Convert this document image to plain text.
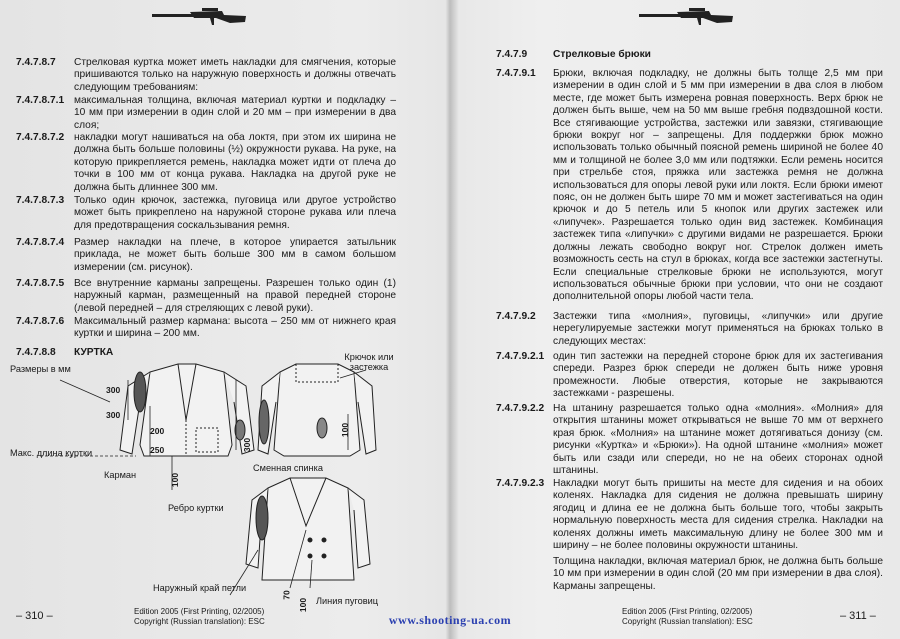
7.4.7.8.7 Стрелковая куртка может иметь накладки для смягчения, которые пришиваются только на наружную поверхность и должны отвечать следующим требованиям:
7.4.7.8.7.1 максимальная толщина, включая материал куртки и подкладку – 10 мм при измерении в один слой и 20 мм – при измерении в два слоя;
7.4.7.8.7.2 накладки могут нашиваться на оба локтя, при этом их ширина не должна быть больше половины (½) окружности рукава. На руке, на которую прикрепляется ремень, накладка может идти от плеча до точки в 100 мм от конца рукава. Накладка на другой руке не должна быть длиннее 300 мм.
7.4.7.8.7.3 Только один крючок, застежка, пуговица или другое устройство может быть прикреплено на наружной стороне рукава или плеча для предотвращения соскальзывания ремня.
7.4.7.8.7.4 Размер накладки на плече, в которое упирается затыльник приклада, не может быть больше 300 мм в самом большом измерении (см. рисунок).
7.4.7.8.7.5 Все внутренние карманы запрещены. Разрешен только один (1) наружный карман, размещенный на правой передней стороне (левой передней – для стреляющих с левой руки).
7.4.7.8.7.6 Максимальный размер кармана: высота – 250 мм от нижнего края куртки и ширина – 200 мм.
7.4.7.8.8 КУРТКА
Размеры в мм
Крючок или застежка
Макс. длина куртки
Карман
Сменная спинка
Ребро куртки
Наружный край петли
Линия пуговиц
300
300
200
250
100
300
100
70
100
– 310 –	Edition 2005 (First Printing, 02/2005)
Copyright (Russian translation): ESC
7.4.7.9	Стрелковые брюки
7.4.7.9.1 Брюки, включая подкладку, не должны быть толще 2,5 мм при измерении в один слой и 5 мм при измерении в два слоя в любом месте, где может быть измерена ровная поверхность. Верх брюк не должен быть выше, чем на 50 мм выше гребня подвздошной кости. Все стягивающие устройства, застежки или завязки, стягивающие брюки вокруг ног – запрещены. Для поддержки брюк можно использовать только обычный поясной ремень шириной не более 40 мм и толщиной не более 3,0 мм или подтяжки. Если ремень носится при стрельбе стоя, пряжка или застежка ремня не должна использоваться для опоры левой руки или локтя. Если брюки имеют пояс, он не должен быть шире 70 мм и может застегиваться на один крючок и до 5 петель или 5 кнопок или других застежек или «липучек». Разрешается только один вид застежек. Комбинация застежек типа «липучки» с другими видами не разрешается. Брюки должны лежать свободно вокруг ног. Стрелок должен иметь возможность сесть на стул в брюках, когда все застежки застегнуты. Если специальные стрелковые брюки не используются, могут использоваться обычные брюки при условии, что они не создают дополнительной опоры любой части тела.
7.4.7.9.2 Застежки типа «молния», пуговицы, «липучки» или другие нерегулируемые застежки могут применяться на брюках только в следующих местах:
7.4.7.9.2.1 один тип застежки на передней стороне брюк для их застегивания спереди. Разрез брюк спереди не должен быть ниже уровня промежности. Любые отверстия, которые не закрываются застежками - разрешены.
7.4.7.9.2.2 На штанину разрешается только одна «молния». «Молния» для открытия штанины может открываться не выше 70 мм от верхнего края брюк. «Молния» на штанине может дотягиваться донизу (см. рисунки «Куртка» и «Брюки»). На одной штанине «молния» может быть или сзади или спереди, но не на обеих сторонах одной штанины.
7.4.7.9.2.3 Накладки могут быть пришиты на месте для сидения и на обоих коленях. Накладка для сидения не должна превышать ширину ягодиц и длина ее не должна быть больше того, чтобы закрыть нормальную поверхность места для сидения стрелка. Накладки на коленях должны иметь максимальную длину не более 300 мм и ширину – не более половины окружности штанины.
Толщина накладки, включая материал брюк, не должна быть больше 10 мм при измерении в один слой (20 мм при измерении в два слоя). Карманы запрещены.
Edition 2005 (First Printing, 02/2005)
Copyright (Russian translation): ESC	– 311 –
www.shooting-ua.com
